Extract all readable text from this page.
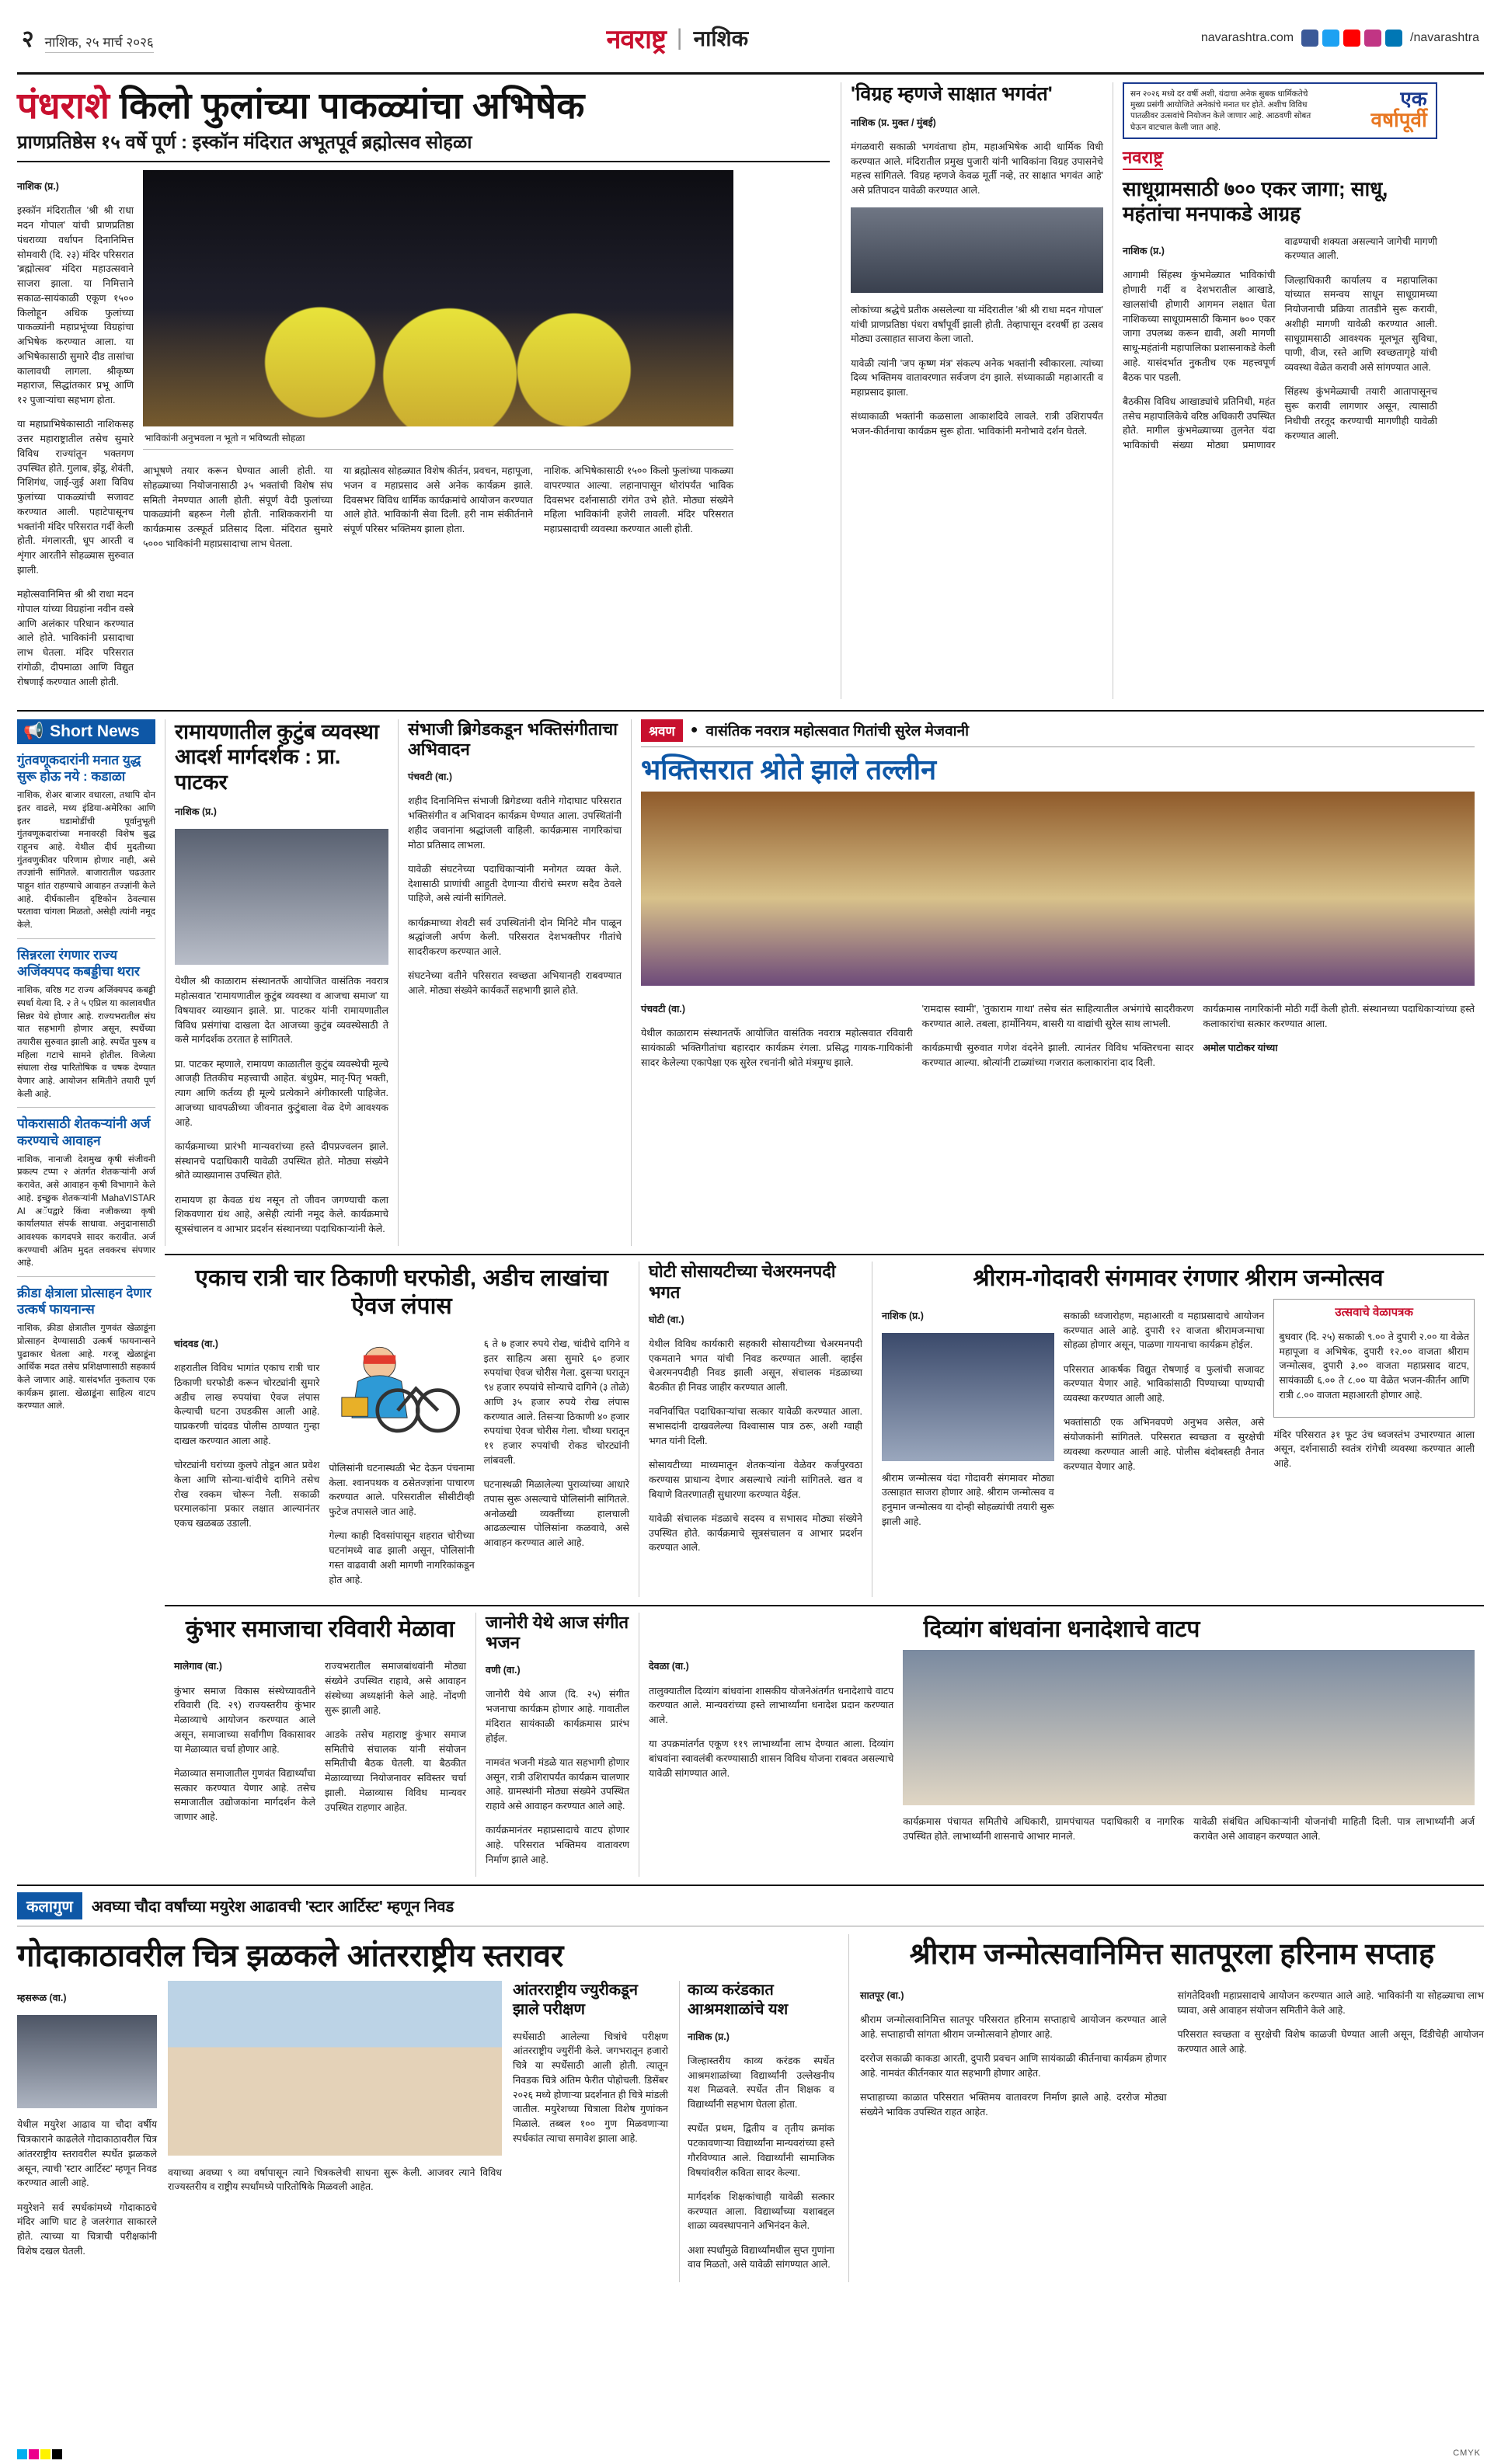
२ नाशिक, २५ मार्च २०२६	नवराष्ट्र | नाशिक	navarashtra.com	/navarashtra
पंधराशे किलो फुलांच्या पाकळ्यांचा अभिषेक
प्राणप्रतिष्ठेस १५ वर्षे पूर्ण : इस्कॉन मंदिरात अभूतपूर्व ब्रह्मोत्सव सोहळा

नाशिक (प्र.)

इस्कॉन मंदिरातील 'श्री श्री राधा मदन गोपाल' यांची प्राणप्रतिष्ठा पंधराव्या वर्धापन दिनानिमित्त सोमवारी (दि. २३) मंदिर परिसरात 'ब्रह्मोत्सव' मंदिरा महाउत्सवाने साजरा झाला. या निमित्ताने सकाळ-सायंकाळी एकूण १५०० किलोहून अधिक फुलांच्या पाकळ्यांनी महाप्रभूंच्या विग्रहांचा अभिषेक करण्यात आला. या अभिषेकासाठी सुमारे दीड तासांचा कालावधी लागला. श्रीकृष्ण महाराज, सिद्धांतकार प्रभू आणि १२ पुजाऱ्यांचा सहभाग होता.

या महाप्राभिषेकासाठी नाशिकसह उत्तर महाराष्ट्रातील तसेच सुमारे विविध राज्यांतून भक्तगण उपस्थित होते. गुलाब, झेंडू, शेवंती, निशिगंध, जाई-जुई अशा विविध फुलांच्या पाकळ्यांची सजावट करण्यात आली. पहाटेपासूनच भक्तांनी मंदिर परिसरात गर्दी केली होती. मंगलारती, धूप आरती व शृंगार आरतीने सोहळ्यास सुरुवात झाली.

महोत्सवानिमित्त श्री श्री राधा मदन गोपाल यांच्या विग्रहांना नवीन वस्त्रे आणि अलंकार परिधान करण्यात आले होते. भाविकांनी प्रसादाचा लाभ घेतला. मंदिर परिसरात रांगोळी, दीपमाळा आणि विद्युत रोषणाई करण्यात आली होती.

भाविकांनी अनुभवला न भूतो न भविष्यती सोहळा

आभूषणे तयार करून घेण्यात आली होती. या सोहळ्याच्या नियोजनासाठी ३५ भक्तांची विशेष संघ समिती नेमण्यात आली होती. संपूर्ण वेदी फुलांच्या पाकळ्यांनी बहरून गेली होती. नाशिककरांनी या कार्यक्रमास उत्स्फूर्त प्रतिसाद दिला. मंदिरात सुमारे ५००० भाविकांनी महाप्रसादाचा लाभ घेतला.

या ब्रह्मोत्सव सोहळ्यात विशेष कीर्तन, प्रवचन, महापूजा, भजन व महाप्रसाद असे अनेक कार्यक्रम झाले. दिवसभर विविध धार्मिक कार्यक्रमांचे आयोजन करण्यात आले होते. भाविकांनी सेवा दिली. हरी नाम संकीर्तनाने संपूर्ण परिसर भक्तिमय झाला होता.

नाशिक. अभिषेकासाठी १५०० किलो फुलांच्या पाकळ्या वापरण्यात आल्या. लहानापासून थोरांपर्यंत भाविक दिवसभर दर्शनासाठी रांगेत उभे होते. मोठ्या संख्येने महिला भाविकांनी हजेरी लावली. मंदिर परिसरात महाप्रसादाची व्यवस्था करण्यात आली होती.

'विग्रह म्हणजे साक्षात भगवंत'

नाशिक (प्र. मुक्त / मुंबई)

मंगळवारी सकाळी भगवंताचा होम, महाअभिषेक आदी धार्मिक विधी करण्यात आले. मंदिरातील प्रमुख पुजारी यांनी भाविकांना विग्रह उपासनेचे महत्त्व सांगितले. 'विग्रह म्हणजे केवळ मूर्ती नव्हे, तर साक्षात भगवंत आहे' असे प्रतिपादन यावेळी करण्यात आले.

लोकांच्या श्रद्धेचे प्रतीक असलेल्या या मंदिरातील 'श्री श्री राधा मदन गोपाल' यांची प्राणप्रतिष्ठा पंधरा वर्षांपूर्वी झाली होती. तेव्हापासून दरवर्षी हा उत्सव मोठ्या उत्साहात साजरा केला जातो.

यावेळी त्यांनी 'जप कृष्ण मंत्र' संकल्प अनेक भक्तांनी स्वीकारला. त्यांच्या दिव्य भक्तिमय वातावरणात सर्वजण दंग झाले. संध्याकाळी महाआरती व महाप्रसाद झाला.

संध्याकाळी भक्तांनी कळसाला आकाशदिवे लावले. रात्री उशिरापर्यंत भजन-कीर्तनाचा कार्यक्रम सुरू होता. भाविकांनी मनोभावे दर्शन घेतले.

सन २०२६ मध्ये दर वर्षी अशी, यंदाचा अनेक सुबक धार्मिकतेचे मुख्य प्रसंगी आयोजिते अनेकांचे मनात घर होते. अशीच विविध पातळीवर उत्सवांचे नियोजन केले जाणार आहे. आठवणी सोबत घेऊन वाटचाल केली जात आहे. एक
वर्षापूर्वी
नवराष्ट्र
साधूग्रामसाठी ७०० एकर जागा; साधू, महंतांचा मनपाकडे आग्रह

नाशिक (प्र.)

आगामी सिंहस्थ कुंभमेळ्यात भाविकांची होणारी गर्दी व देशभरातील आखाडे, खालसांची होणारी आगमन लक्षात घेता नाशिकच्या साधूग्रामसाठी किमान ७०० एकर जागा उपलब्ध करून द्यावी, अशी मागणी साधू-महंतांनी महापालिका प्रशासनाकडे केली आहे. यासंदर्भात नुकतीच एक महत्त्वपूर्ण बैठक पार पडली.

बैठकीस विविध आखाड्यांचे प्रतिनिधी, महंत तसेच महापालिकेचे वरिष्ठ अधिकारी उपस्थित होते. मागील कुंभमेळ्याच्या तुलनेत यंदा भाविकांची संख्या मोठ्या प्रमाणावर वाढण्याची शक्यता असल्याने जागेची मागणी करण्यात आली.

जिल्हाधिकारी कार्यालय व महापालिका यांच्यात समन्वय साधून साधूग्रामच्या नियोजनाची प्रक्रिया तातडीने सुरू करावी, अशीही मागणी यावेळी करण्यात आली. साधूग्रामसाठी आवश्यक मूलभूत सुविधा, पाणी, वीज, रस्ते आणि स्वच्छतागृहे यांची व्यवस्था वेळेत करावी असे सांगण्यात आले.

सिंहस्थ कुंभमेळ्याची तयारी आतापासूनच सुरू करावी लागणार असून, त्यासाठी निधीची तरतूद करण्याची मागणीही यावेळी करण्यात आली.

📢 Short News
गुंतवणूकदारांनी मनात युद्ध सुरू होऊ नये : कडाळा

नाशिक, शेअर बाजार वधारला, तथापि दोन इतर वाढले, मध्य इंडिया-अमेरिका आणि इतर घडामोडींची पूर्वानुभूती गुंतवणूकदारांच्या मनावरही विशेष बुद्ध राहूनच आहे. येथील दीर्घ मुदतीच्या गुंतवणुकीवर परिणाम होणार नाही, असे तज्ज्ञांनी सांगितले. बाजारातील चढउतार पाहून शांत राहण्याचे आवाहन तज्ज्ञांनी केले आहे. दीर्घकालीन दृष्टिकोन ठेवल्यास परतावा चांगला मिळतो, असेही त्यांनी नमूद केले.

सिन्नरला रंगणार राज्य अजिंक्यपद कबड्डीचा थरार

नाशिक, वरिष्ठ गट राज्य अजिंक्यपद कबड्डी स्पर्धा येत्या दि. २ ते ५ एप्रिल या कालावधीत सिन्नर येथे होणार आहे. राज्यभरातील संघ यात सहभागी होणार असून, स्पर्धेच्या तयारीस सुरुवात झाली आहे. स्पर्धेत पुरुष व महिला गटाचे सामने होतील. विजेत्या संघाला रोख पारितोषिक व चषक देण्यात येणार आहे. आयोजन समितीने तयारी पूर्ण केली आहे.

पोकरासाठी शेतकऱ्यांनी अर्ज करण्याचे आवाहन

नाशिक, नानाजी देशमुख कृषी संजीवनी प्रकल्प टप्पा २ अंतर्गत शेतकऱ्यांनी अर्ज करावेत, असे आवाहन कृषी विभागाने केले आहे. इच्छुक शेतकऱ्यांनी MahaVISTAR AI अॅपद्वारे किंवा नजीकच्या कृषी कार्यालयात संपर्क साधावा. अनुदानासाठी आवश्यक कागदपत्रे सादर करावीत. अर्ज करण्याची अंतिम मुदत लवकरच संपणार आहे.

क्रीडा क्षेत्राला प्रोत्साहन देणार उत्कर्ष फायनान्स

नाशिक, क्रीडा क्षेत्रातील गुणवंत खेळाडूंना प्रोत्साहन देण्यासाठी उत्कर्ष फायनान्सने पुढाकार घेतला आहे. गरजू खेळाडूंना आर्थिक मदत तसेच प्रशिक्षणासाठी सहकार्य केले जाणार आहे. यासंदर्भात नुकताच एक कार्यक्रम झाला. खेळाडूंना साहित्य वाटप करण्यात आले.

रामायणातील कुटुंब व्यवस्था आदर्श मार्गदर्शक : प्रा. पाटकर

नाशिक (प्र.)

येथील श्री काळाराम संस्थानतर्फे आयोजित वासंतिक नवरात्र महोत्सवात 'रामायणातील कुटुंब व्यवस्था व आजचा समाज' या विषयावर व्याख्यान झाले. प्रा. पाटकर यांनी रामायणातील विविध प्रसंगांचा दाखला देत आजच्या कुटुंब व्यवस्थेसाठी ते कसे मार्गदर्शक ठरतात हे सांगितले.

प्रा. पाटकर म्हणाले, रामायण काळातील कुटुंब व्यवस्थेची मूल्ये आजही तितकीच महत्त्वाची आहेत. बंधुप्रेम, मातृ-पितृ भक्ती, त्याग आणि कर्तव्य ही मूल्ये प्रत्येकाने अंगीकारली पाहिजेत. आजच्या धावपळीच्या जीवनात कुटुंबाला वेळ देणे आवश्यक आहे.

कार्यक्रमाच्या प्रारंभी मान्यवरांच्या हस्ते दीपप्रज्वलन झाले. संस्थानचे पदाधिकारी यावेळी उपस्थित होते. मोठ्या संख्येने श्रोते व्याख्यानास उपस्थित होते.

रामायण हा केवळ ग्रंथ नसून तो जीवन जगण्याची कला शिकवणारा ग्रंथ आहे, असेही त्यांनी नमूद केले. कार्यक्रमाचे सूत्रसंचालन व आभार प्रदर्शन संस्थानच्या पदाधिकाऱ्यांनी केले.

संभाजी ब्रिगेडकडून भक्तिसंगीताचा अभिवादन

पंचवटी (वा.)

शहीद दिनानिमित्त संभाजी ब्रिगेडच्या वतीने गोदाघाट परिसरात भक्तिसंगीत व अभिवादन कार्यक्रम घेण्यात आला. उपस्थितांनी शहीद जवानांना श्रद्धांजली वाहिली. कार्यक्रमास नागरिकांचा मोठा प्रतिसाद लाभला.

यावेळी संघटनेच्या पदाधिकाऱ्यांनी मनोगत व्यक्त केले. देशासाठी प्राणांची आहुती देणाऱ्या वीरांचे स्मरण सदैव ठेवले पाहिजे, असे त्यांनी सांगितले.

कार्यक्रमाच्या शेवटी सर्व उपस्थितांनी दोन मिनिटे मौन पाळून श्रद्धांजली अर्पण केली. परिसरात देशभक्तीपर गीतांचे सादरीकरण करण्यात आले.

संघटनेच्या वतीने परिसरात स्वच्छता अभियानही राबवण्यात आले. मोठ्या संख्येने कार्यकर्ते सहभागी झाले होते.

श्रवण	● वासंतिक नवरात्र महोत्सवात गितांची सुरेल मेजवानी
भक्तिसरात श्रोते झाले तल्लीन

पंचवटी (वा.)

येथील काळाराम संस्थानतर्फे आयोजित वासंतिक नवरात्र महोत्सवात रविवारी सायंकाळी भक्तिगीतांचा बहारदार कार्यक्रम रंगला. प्रसिद्ध गायक-गायिकांनी सादर केलेल्या एकापेक्षा एक सुरेल रचनांनी श्रोते मंत्रमुग्ध झाले.

'रामदास स्वामी', 'तुकाराम गाथा' तसेच संत साहित्यातील अभंगांचे सादरीकरण करण्यात आले. तबला, हार्मोनियम, बासरी या वाद्यांची सुरेल साथ लाभली.

कार्यक्रमाची सुरुवात गणेश वंदनेने झाली. त्यानंतर विविध भक्तिरचना सादर करण्यात आल्या. श्रोत्यांनी टाळ्यांच्या गजरात कलाकारांना दाद दिली.

कार्यक्रमास नागरिकांनी मोठी गर्दी केली होती. संस्थानच्या पदाधिकाऱ्यांच्या हस्ते कलाकारांचा सत्कार करण्यात आला.

अमोल पाटोकर यांच्या

एकाच रात्री चार ठिकाणी घरफोडी, अडीच लाखांचा ऐवज लंपास

चांदवड (वा.)

शहरातील विविध भागांत एकाच रात्री चार ठिकाणी घरफोडी करून चोरट्यांनी सुमारे अडीच लाख रुपयांचा ऐवज लंपास केल्याची घटना उघडकीस आली आहे. याप्रकरणी चांदवड पोलीस ठाण्यात गुन्हा दाखल करण्यात आला आहे.

चोरट्यांनी घरांच्या कुलपे तोडून आत प्रवेश केला आणि सोन्या-चांदीचे दागिने तसेच रोख रक्कम चोरून नेली. सकाळी घरमालकांना प्रकार लक्षात आल्यानंतर एकच खळबळ उडाली.

पोलिसांनी घटनास्थळी भेट देऊन पंचनामा केला. श्वानपथक व ठसेतज्ज्ञांना पाचारण करण्यात आले. परिसरातील सीसीटीव्ही फुटेज तपासले जात आहे.

गेल्या काही दिवसांपासून शहरात चोरीच्या घटनांमध्ये वाढ झाली असून, पोलिसांनी गस्त वाढवावी अशी मागणी नागरिकांकडून होत आहे.

६ ते ७ हजार रुपये रोख, चांदीचे दागिने व इतर साहित्य असा सुमारे ६० हजार रुपयांचा ऐवज चोरीस गेला. दुसऱ्या घरातून ९४ हजार रुपयांचे सोन्याचे दागिने (३ तोळे) आणि ३५ हजार रुपये रोख लंपास करण्यात आले. तिसऱ्या ठिकाणी ४० हजार रुपयांचा ऐवज चोरीस गेला. चौथ्या घरातून ११ हजार रुपयांची रोकड चोरट्यांनी लांबवली.

घटनास्थळी मिळालेल्या पुराव्यांच्या आधारे तपास सुरू असल्याचे पोलिसांनी सांगितले. अनोळखी व्यक्तींच्या हालचाली आढळल्यास पोलिसांना कळवावे, असे आवाहन करण्यात आले आहे.

घोटी सोसायटीच्या चेअरमनपदी भगत

घोटी (वा.)

येथील विविध कार्यकारी सहकारी सोसायटीच्या चेअरमनपदी एकमताने भगत यांची निवड करण्यात आली. व्हाईस चेअरमनपदीही निवड झाली असून, संचालक मंडळाच्या बैठकीत ही निवड जाहीर करण्यात आली.

नवनिर्वाचित पदाधिकाऱ्यांचा सत्कार यावेळी करण्यात आला. सभासदांनी दाखवलेल्या विश्वासास पात्र ठरू, अशी ग्वाही भगत यांनी दिली.

सोसायटीच्या माध्यमातून शेतकऱ्यांना वेळेवर कर्जपुरवठा करण्यास प्राधान्य देणार असल्याचे त्यांनी सांगितले. खत व बियाणे वितरणातही सुधारणा करण्यात येईल.

यावेळी संचालक मंडळाचे सदस्य व सभासद मोठ्या संख्येने उपस्थित होते. कार्यक्रमाचे सूत्रसंचालन व आभार प्रदर्शन करण्यात आले.

श्रीराम-गोदावरी संगमावर रंगणार श्रीराम जन्मोत्सव

नाशिक (प्र.)

श्रीराम जन्मोत्सव यंदा गोदावरी संगमावर मोठ्या उत्साहात साजरा होणार आहे. श्रीराम जन्मोत्सव व हनुमान जन्मोत्सव या दोन्ही सोहळ्यांची तयारी सुरू झाली आहे.

सकाळी ध्वजारोहण, महाआरती व महाप्रसादाचे आयोजन करण्यात आले आहे. दुपारी १२ वाजता श्रीरामजन्माचा सोहळा होणार असून, पाळणा गायनाचा कार्यक्रम होईल.

परिसरात आकर्षक विद्युत रोषणाई व फुलांची सजावट करण्यात येणार आहे. भाविकांसाठी पिण्याच्या पाण्याची व्यवस्था करण्यात आली आहे.

भक्तांसाठी एक अभिनवपणे अनुभव असेल, असे संयोजकांनी सांगितले. परिसरात स्वच्छता व सुरक्षेची व्यवस्था करण्यात आली आहे. पोलीस बंदोबस्तही तैनात करण्यात येणार आहे.

उत्सवाचे वेळापत्रक

बुधवार (दि. २५) सकाळी ९.०० ते दुपारी २.०० या वेळेत महापूजा व अभिषेक, दुपारी १२.०० वाजता श्रीराम जन्मोत्सव, दुपारी ३.०० वाजता महाप्रसाद वाटप, सायंकाळी ६.०० ते ८.०० या वेळेत भजन-कीर्तन आणि रात्री ८.०० वाजता महाआरती होणार आहे.

मंदिर परिसरात ३१ फूट उंच ध्वजस्तंभ उभारण्यात आला असून, दर्शनासाठी स्वतंत्र रांगेची व्यवस्था करण्यात आली आहे.

कुंभार समाजाचा रविवारी मेळावा

मालेगाव (वा.)

कुंभार समाज विकास संस्थेच्यावतीने रविवारी (दि. २९) राज्यस्तरीय कुंभार मेळाव्याचे आयोजन करण्यात आले असून, समाजाच्या सर्वांगीण विकासावर या मेळाव्यात चर्चा होणार आहे.

मेळाव्यात समाजातील गुणवंत विद्यार्थ्यांचा सत्कार करण्यात येणार आहे. तसेच समाजातील उद्योजकांना मार्गदर्शन केले जाणार आहे.

राज्यभरातील समाजबांधवांनी मोठ्या संख्येने उपस्थित राहावे, असे आवाहन संस्थेच्या अध्यक्षांनी केले आहे. नोंदणी सुरू झाली आहे.

आडके तसेच महाराष्ट्र कुंभार समाज समितीचे संचालक यांनी संयोजन समितीची बैठक घेतली. या बैठकीत मेळाव्याच्या नियोजनावर सविस्तर चर्चा झाली. मेळाव्यास विविध मान्यवर उपस्थित राहणार आहेत.

जानोरी येथे आज संगीत भजन

वणी (वा.)

जानोरी येथे आज (दि. २५) संगीत भजनाचा कार्यक्रम होणार आहे. गावातील मंदिरात सायंकाळी कार्यक्रमास प्रारंभ होईल.

नामवंत भजनी मंडळे यात सहभागी होणार असून, रात्री उशिरापर्यंत कार्यक्रम चालणार आहे. ग्रामस्थांनी मोठ्या संख्येने उपस्थित राहावे असे आवाहन करण्यात आले आहे.

कार्यक्रमानंतर महाप्रसादाचे वाटप होणार आहे. परिसरात भक्तिमय वातावरण निर्माण झाले आहे.

दिव्यांग बांधवांना धनादेशाचे वाटप

देवळा (वा.)

तालुक्यातील दिव्यांग बांधवांना शासकीय योजनेअंतर्गत धनादेशाचे वाटप करण्यात आले. मान्यवरांच्या हस्ते लाभार्थ्यांना धनादेश प्रदान करण्यात आले.

या उपक्रमांतर्गत एकूण ११९ लाभार्थ्यांना लाभ देण्यात आला. दिव्यांग बांधवांना स्वावलंबी करण्यासाठी शासन विविध योजना राबवत असल्याचे यावेळी सांगण्यात आले.

कार्यक्रमास पंचायत समितीचे अधिकारी, ग्रामपंचायत पदाधिकारी व नागरिक उपस्थित होते. लाभार्थ्यांनी शासनाचे आभार मानले.

यावेळी संबंधित अधिकाऱ्यांनी योजनांची माहिती दिली. पात्र लाभार्थ्यांनी अर्ज करावेत असे आवाहन करण्यात आले.

कलागुण	अवघ्या चौदा वर्षांच्या मयुरेश आढावची 'स्टार आर्टिस्ट' म्हणून निवड
गोदाकाठावरील चित्र झळकले आंतरराष्ट्रीय स्तरावर

म्हसरूळ (वा.)

येथील मयुरेश आढाव या चौदा वर्षीय चित्रकाराने काढलेले गोदाकाठावरील चित्र आंतरराष्ट्रीय स्तरावरील स्पर्धेत झळकले असून, त्याची 'स्टार आर्टिस्ट' म्हणून निवड करण्यात आली आहे.

मयुरेशने सर्व स्पर्धकांमध्ये गोदाकाठचे मंदिर आणि घाट हे जलरंगात साकारले होते. त्याच्या या चित्राची परीक्षकांनी विशेष दखल घेतली.

वयाच्या अवघ्या ९ व्या वर्षापासून त्याने चित्रकलेची साधना सुरू केली. आजवर त्याने विविध राज्यस्तरीय व राष्ट्रीय स्पर्धांमध्ये पारितोषिके मिळवली आहेत.

आंतरराष्ट्रीय ज्युरीकडून झाले परीक्षण

स्पर्धेसाठी आलेल्या चित्रांचे परीक्षण आंतरराष्ट्रीय ज्युरींनी केले. जगभरातून हजारो चित्रे या स्पर्धेसाठी आली होती. त्यातून निवडक चित्रे अंतिम फेरीत पोहोचली. डिसेंबर २०२६ मध्ये होणाऱ्या प्रदर्शनात ही चित्रे मांडली जातील. मयुरेशच्या चित्राला विशेष गुणांकन मिळाले. तब्बल १०० गुण मिळवणाऱ्या स्पर्धकांत त्याचा समावेश झाला आहे.

काव्य करंडकात आश्रमशाळांचे यश

नाशिक (प्र.)

जिल्हास्तरीय काव्य करंडक स्पर्धेत आश्रमशाळांच्या विद्यार्थ्यांनी उल्लेखनीय यश मिळवले. स्पर्धेत तीन शिक्षक व विद्यार्थ्यांनी सहभाग घेतला होता.

स्पर्धेत प्रथम, द्वितीय व तृतीय क्रमांक पटकावणाऱ्या विद्यार्थ्यांना मान्यवरांच्या हस्ते गौरविण्यात आले. विद्यार्थ्यांनी सामाजिक विषयांवरील कविता सादर केल्या.

मार्गदर्शक शिक्षकांचाही यावेळी सत्कार करण्यात आला. विद्यार्थ्यांच्या यशाबद्दल शाळा व्यवस्थापनाने अभिनंदन केले.

अशा स्पर्धांमुळे विद्यार्थ्यांमधील सुप्त गुणांना वाव मिळतो, असे यावेळी सांगण्यात आले.

श्रीराम जन्मोत्सवानिमित्त सातपूरला हरिनाम सप्ताह

सातपूर (वा.)

श्रीराम जन्मोत्सवानिमित्त सातपूर परिसरात हरिनाम सप्ताहाचे आयोजन करण्यात आले आहे. सप्ताहाची सांगता श्रीराम जन्मोत्सवाने होणार आहे.

दररोज सकाळी काकडा आरती, दुपारी प्रवचन आणि सायंकाळी कीर्तनाचा कार्यक्रम होणार आहे. नामवंत कीर्तनकार यात सहभागी होणार आहेत.

सप्ताहाच्या काळात परिसरात भक्तिमय वातावरण निर्माण झाले आहे. दररोज मोठ्या संख्येने भाविक उपस्थित राहत आहेत.

सांगतेदिवशी महाप्रसादाचे आयोजन करण्यात आले आहे. भाविकांनी या सोहळ्याचा लाभ घ्यावा, असे आवाहन संयोजन समितीने केले आहे.

परिसरात स्वच्छता व सुरक्षेची विशेष काळजी घेण्यात आली असून, दिंडीचेही आयोजन करण्यात आले आहे.

CMYK
